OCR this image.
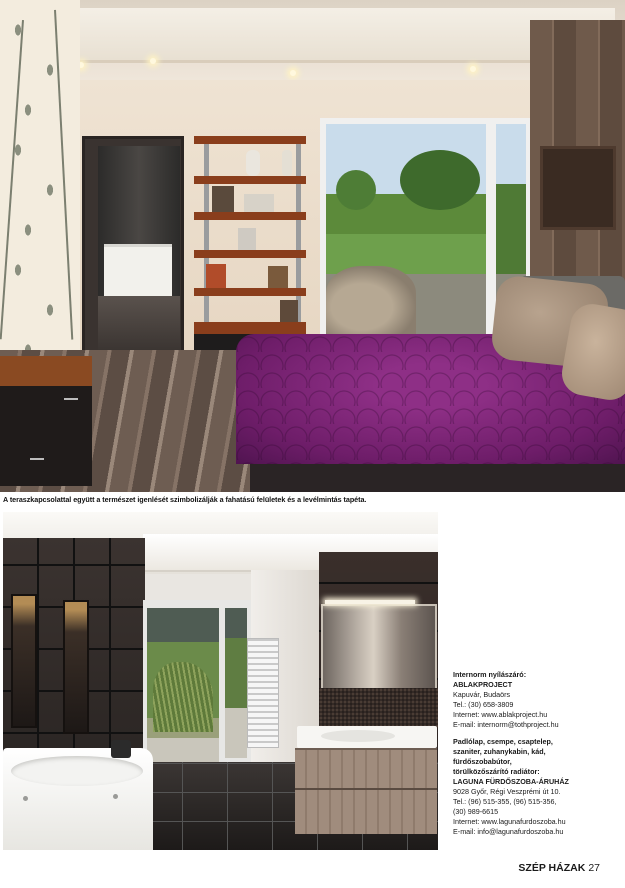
A teraszkapcsolattal együtt a természet igenlését szimbolizálják a fahatású felületek és a levélmintás tapéta.
Internorm nyílászáró:
ABLAKPROJECT
Kapuvár, Budaörs
Tel.: (30) 658-3809
Internet: www.ablakproject.hu
E-mail: internorm@tothproject.hu
Padlólap, csempe, csaptelep,
szaniter, zuhanykabin, kád,
fürdőszobabútor,
törülközőszárító radiátor:
LAGUNA FÜRDŐSZOBA-ÁRUHÁZ
9028 Győr, Régi Veszprémi út 10.
Tel.: (96) 515-355, (96) 515-356,
(30) 989-6615
Internet: www.lagunafurdoszoba.hu
E-mail: info@lagunafurdoszoba.hu
SZÉP HÁZAK 27
